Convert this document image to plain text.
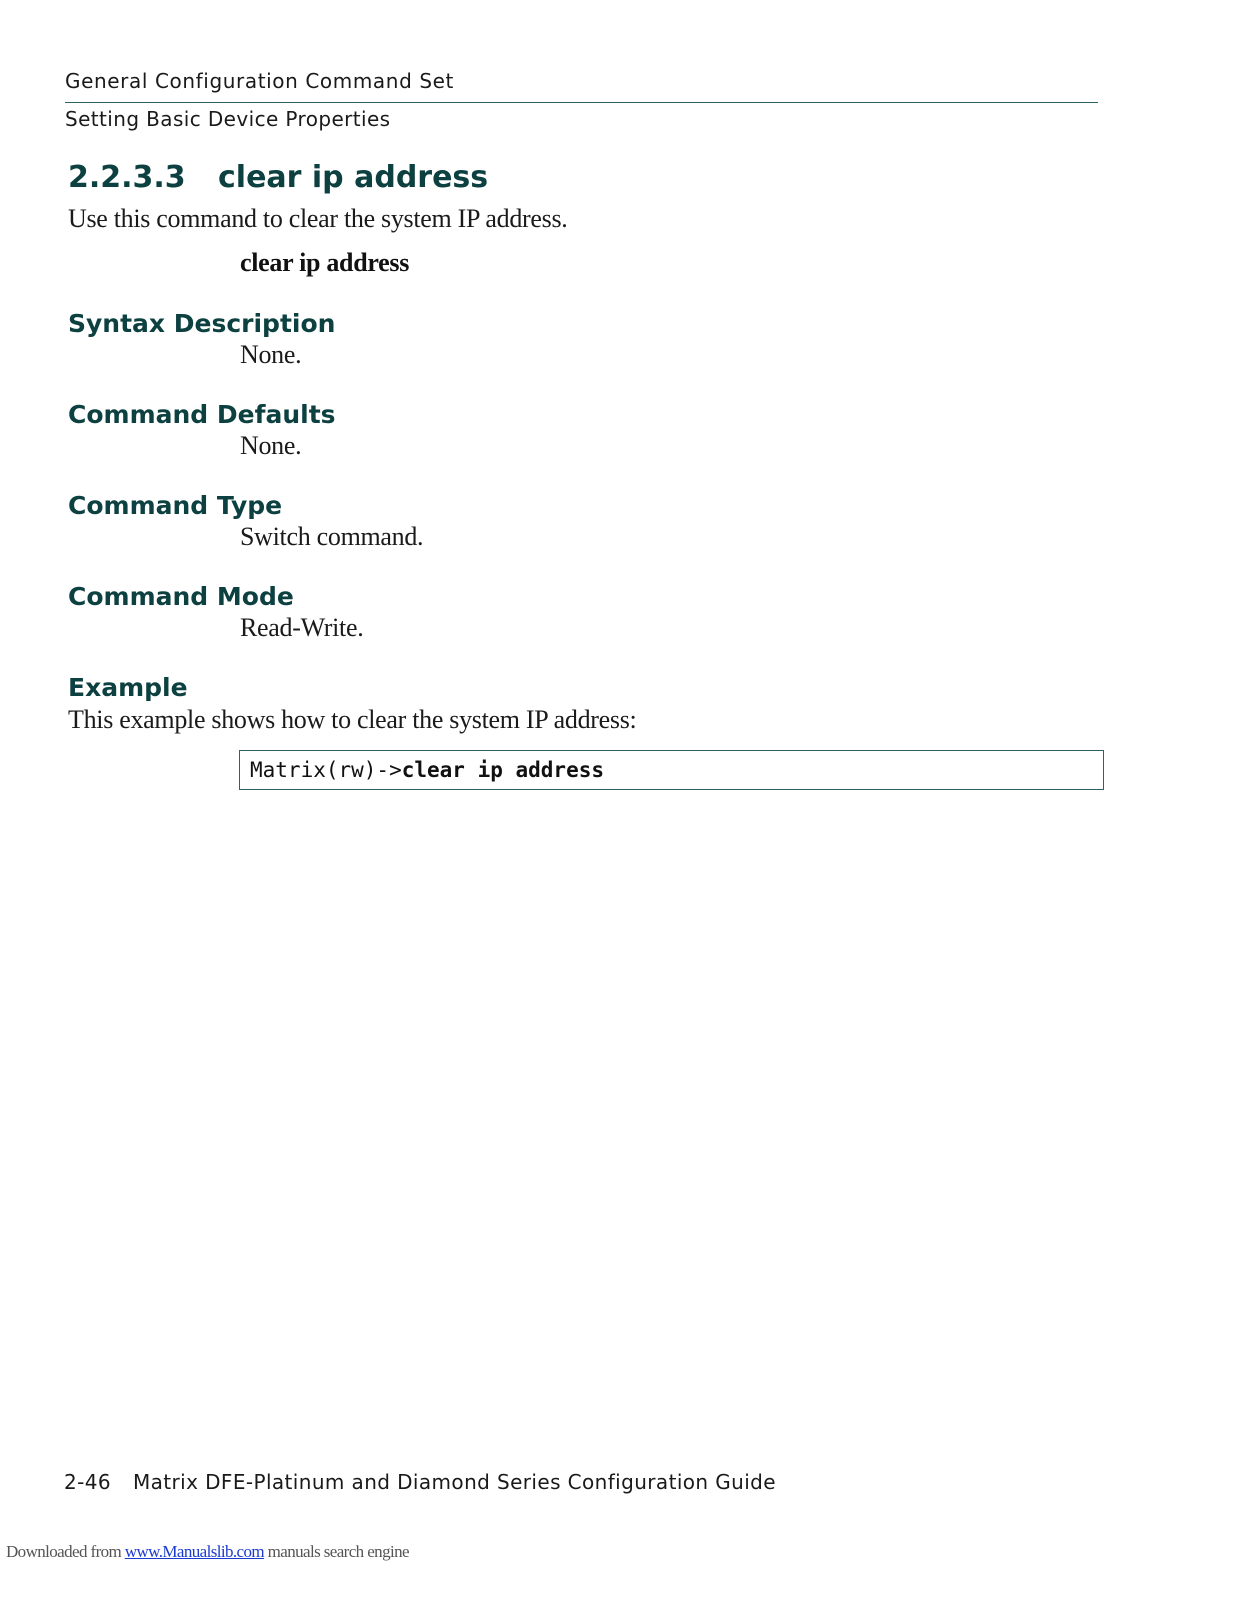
General Configuration Command Set
Setting Basic Device Properties
2.2.3.3 clear ip address
Use this command to clear the system IP address.
clear ip address
Syntax Description
None.
Command Defaults
None.
Command Type
Switch command.
Command Mode
Read-Write.
Example
This example shows how to clear the system IP address:
Matrix(rw)->clear ip address
2-46 Matrix DFE-Platinum and Diamond Series Configuration Guide
Downloaded from www.Manualslib.com manuals search engine
